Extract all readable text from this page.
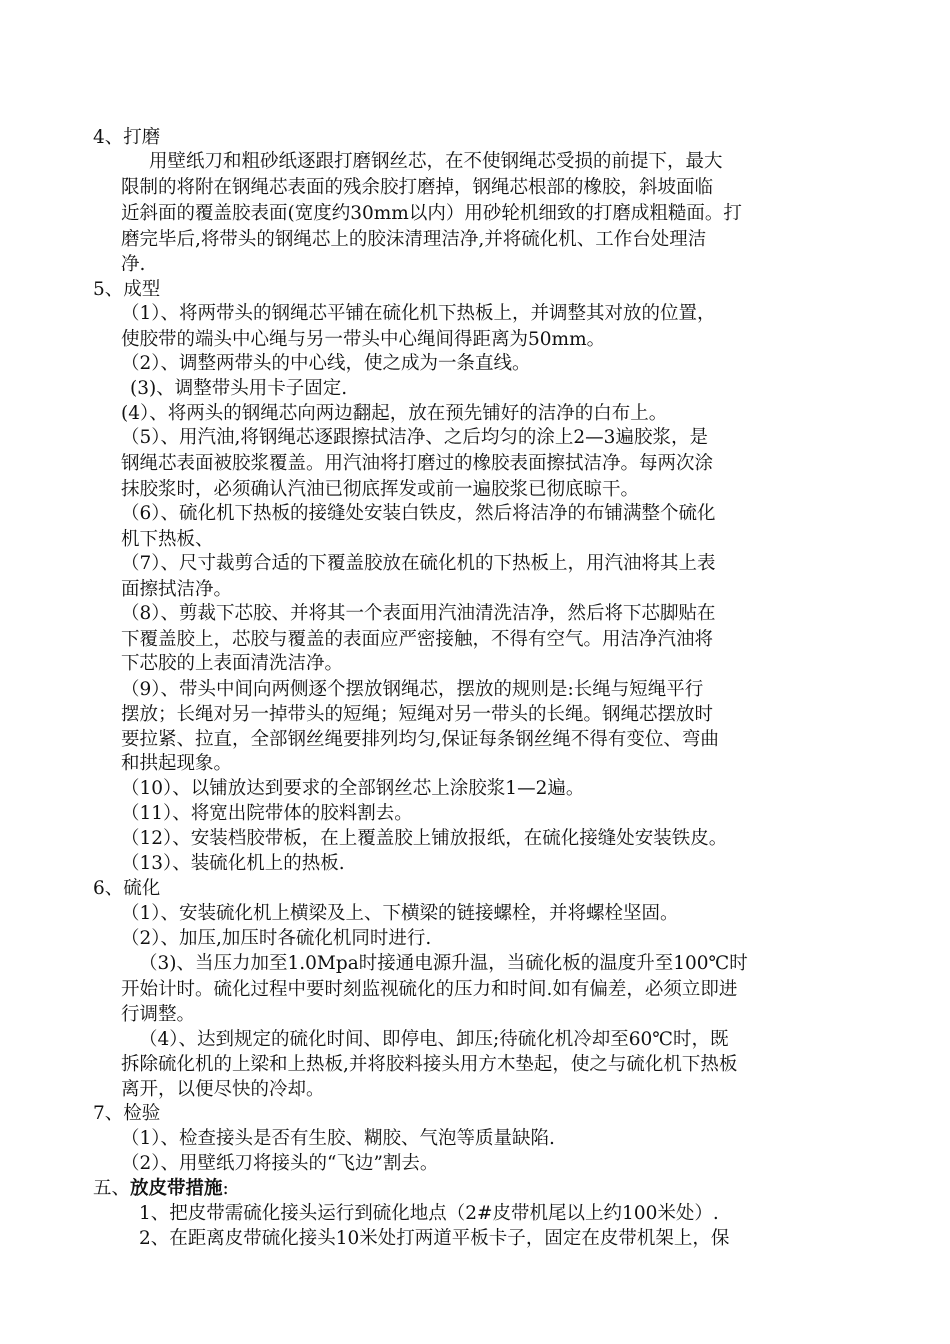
4、打磨
用壁纸刀和粗砂纸逐跟打磨钢丝芯，在不使钢绳芯受损的前提下，最大
限制的将附在钢绳芯表面的残余胶打磨掉，钢绳芯根部的橡胶，斜坡面临
近斜面的覆盖胶表面(宽度约30mm以内）用砂轮机细致的打磨成粗糙面。打
磨完毕后,将带头的钢绳芯上的胶沫清理洁净,并将硫化机、工作台处理洁
净.
5、成型
（1）、将两带头的钢绳芯平铺在硫化机下热板上，并调整其对放的位置，
使胶带的端头中心绳与另一带头中心绳间得距离为50mm。
（2）、调整两带头的中心线，使之成为一条直线。
(3)、调整带头用卡子固定.
(4）、将两头的钢绳芯向两边翻起，放在预先铺好的洁净的白布上。
（5）、用汽油,将钢绳芯逐跟擦拭洁净、之后均匀的涂上2—3遍胶浆，是
钢绳芯表面被胶浆覆盖。用汽油将打磨过的橡胶表面擦拭洁净。每两次涂
抹胶浆时，必须确认汽油已彻底挥发或前一遍胶浆已彻底晾干。
（6）、硫化机下热板的接缝处安装白铁皮，然后将洁净的布铺满整个硫化
机下热板、
（7）、尺寸裁剪合适的下覆盖胶放在硫化机的下热板上，用汽油将其上表
面擦拭洁净。
（8）、剪裁下芯胶、并将其一个表面用汽油清洗洁净，然后将下芯脚贴在
下覆盖胶上，芯胶与覆盖的表面应严密接触，不得有空气。用洁净汽油将
下芯胶的上表面清洗洁净。
（9）、带头中间向两侧逐个摆放钢绳芯，摆放的规则是:长绳与短绳平行
摆放；长绳对另一掉带头的短绳；短绳对另一带头的长绳。钢绳芯摆放时
要拉紧、拉直，全部钢丝绳要排列均匀,保证每条钢丝绳不得有变位、弯曲
和拱起现象。
（10）、以铺放达到要求的全部钢丝芯上涂胶浆1—2遍。
（11）、将宽出院带体的胶料割去。
（12）、安装档胶带板，在上覆盖胶上铺放报纸，在硫化接缝处安装铁皮。
（13）、装硫化机上的热板.
6、硫化
（1）、安装硫化机上横梁及上、下横梁的链接螺栓，并将螺栓坚固。
（2）、加压,加压时各硫化机同时进行.
（3)、当压力加至1.0Mpa时接通电源升温，当硫化板的温度升至100℃时
开始计时。硫化过程中要时刻监视硫化的压力和时间.如有偏差，必须立即进
行调整。
（4）、达到规定的硫化时间、即停电、卸压;待硫化机冷却至60℃时，既
拆除硫化机的上梁和上热板,并将胶料接头用方木垫起，使之与硫化机下热板
离开，以便尽快的冷却。
7、检验
（1）、检查接头是否有生胶、糊胶、气泡等质量缺陷.
（2）、用壁纸刀将接头的“飞边”割去。
五、放皮带措施:
1、把皮带需硫化接头运行到硫化地点（2#皮带机尾以上约100米处）.
2、在距离皮带硫化接头10米处打两道平板卡子，固定在皮带机架上，保
